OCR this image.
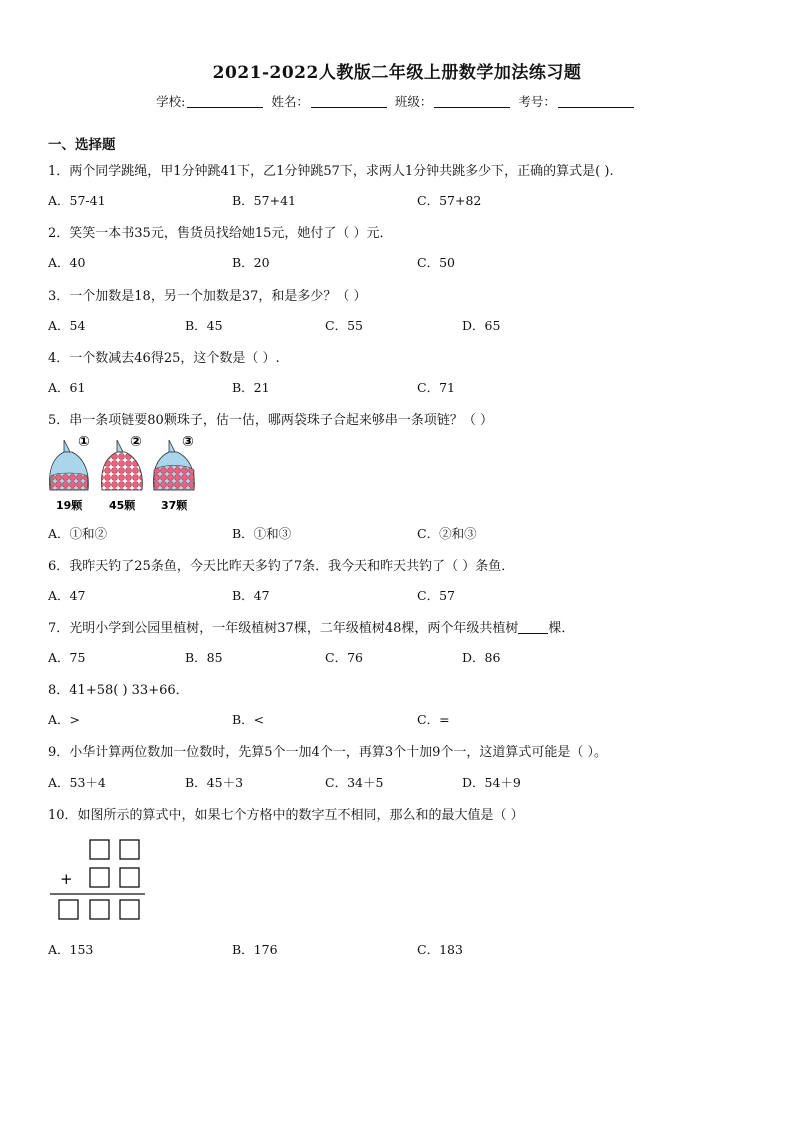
2021-2022人教版二年级上册数学加法练习题
学校:	姓名：	班级：	考号：
一、选择题
1．两个同学跳绳，甲1分钟跳41下，乙1分钟跳57下，求两人1分钟共跳多少下，正确的算式是( ).
A．57-41	B．57+41	C．57+82
2．笑笑一本书35元，售货员找给她15元，她付了（ ）元．
A．40	B．20	C．50
3．一个加数是18，另一个加数是37，和是多少？（ ）
A．54	B．45	C．55	D．65
4．一个数减去46得25，这个数是（ ）.
A．61	B．21	C．71
5．串一条项链要80颗珠子，估一估，哪两袋珠子合起来够串一条项链？（ ）
①
19颗
②
45颗
③
37颗
A．①和②	B．①和③	C．②和③
6．我昨天钓了25条鱼，今天比昨天多钓了7条．我今天和昨天共钓了（ ）条鱼．
A．47	B．47	C．57
7．光明小学到公园里植树，一年级植树37棵，二年级植树48棵，两个年级共植树 棵．
A．75	B．85	C．76	D．86
8．41+58( ) 33+66．
A．>	B．<	C．=
9．小华计算两位数加一位数时，先算5个一加4个一，再算3个十加9个一，这道算式可能是（ ）。
A．53＋4	B．45＋3	C．34＋5	D．54＋9
10．如图所示的算式中，如果七个方格中的数字互不相同，那么和的最大值是（ ）
+
A．153	B．176	C．183
